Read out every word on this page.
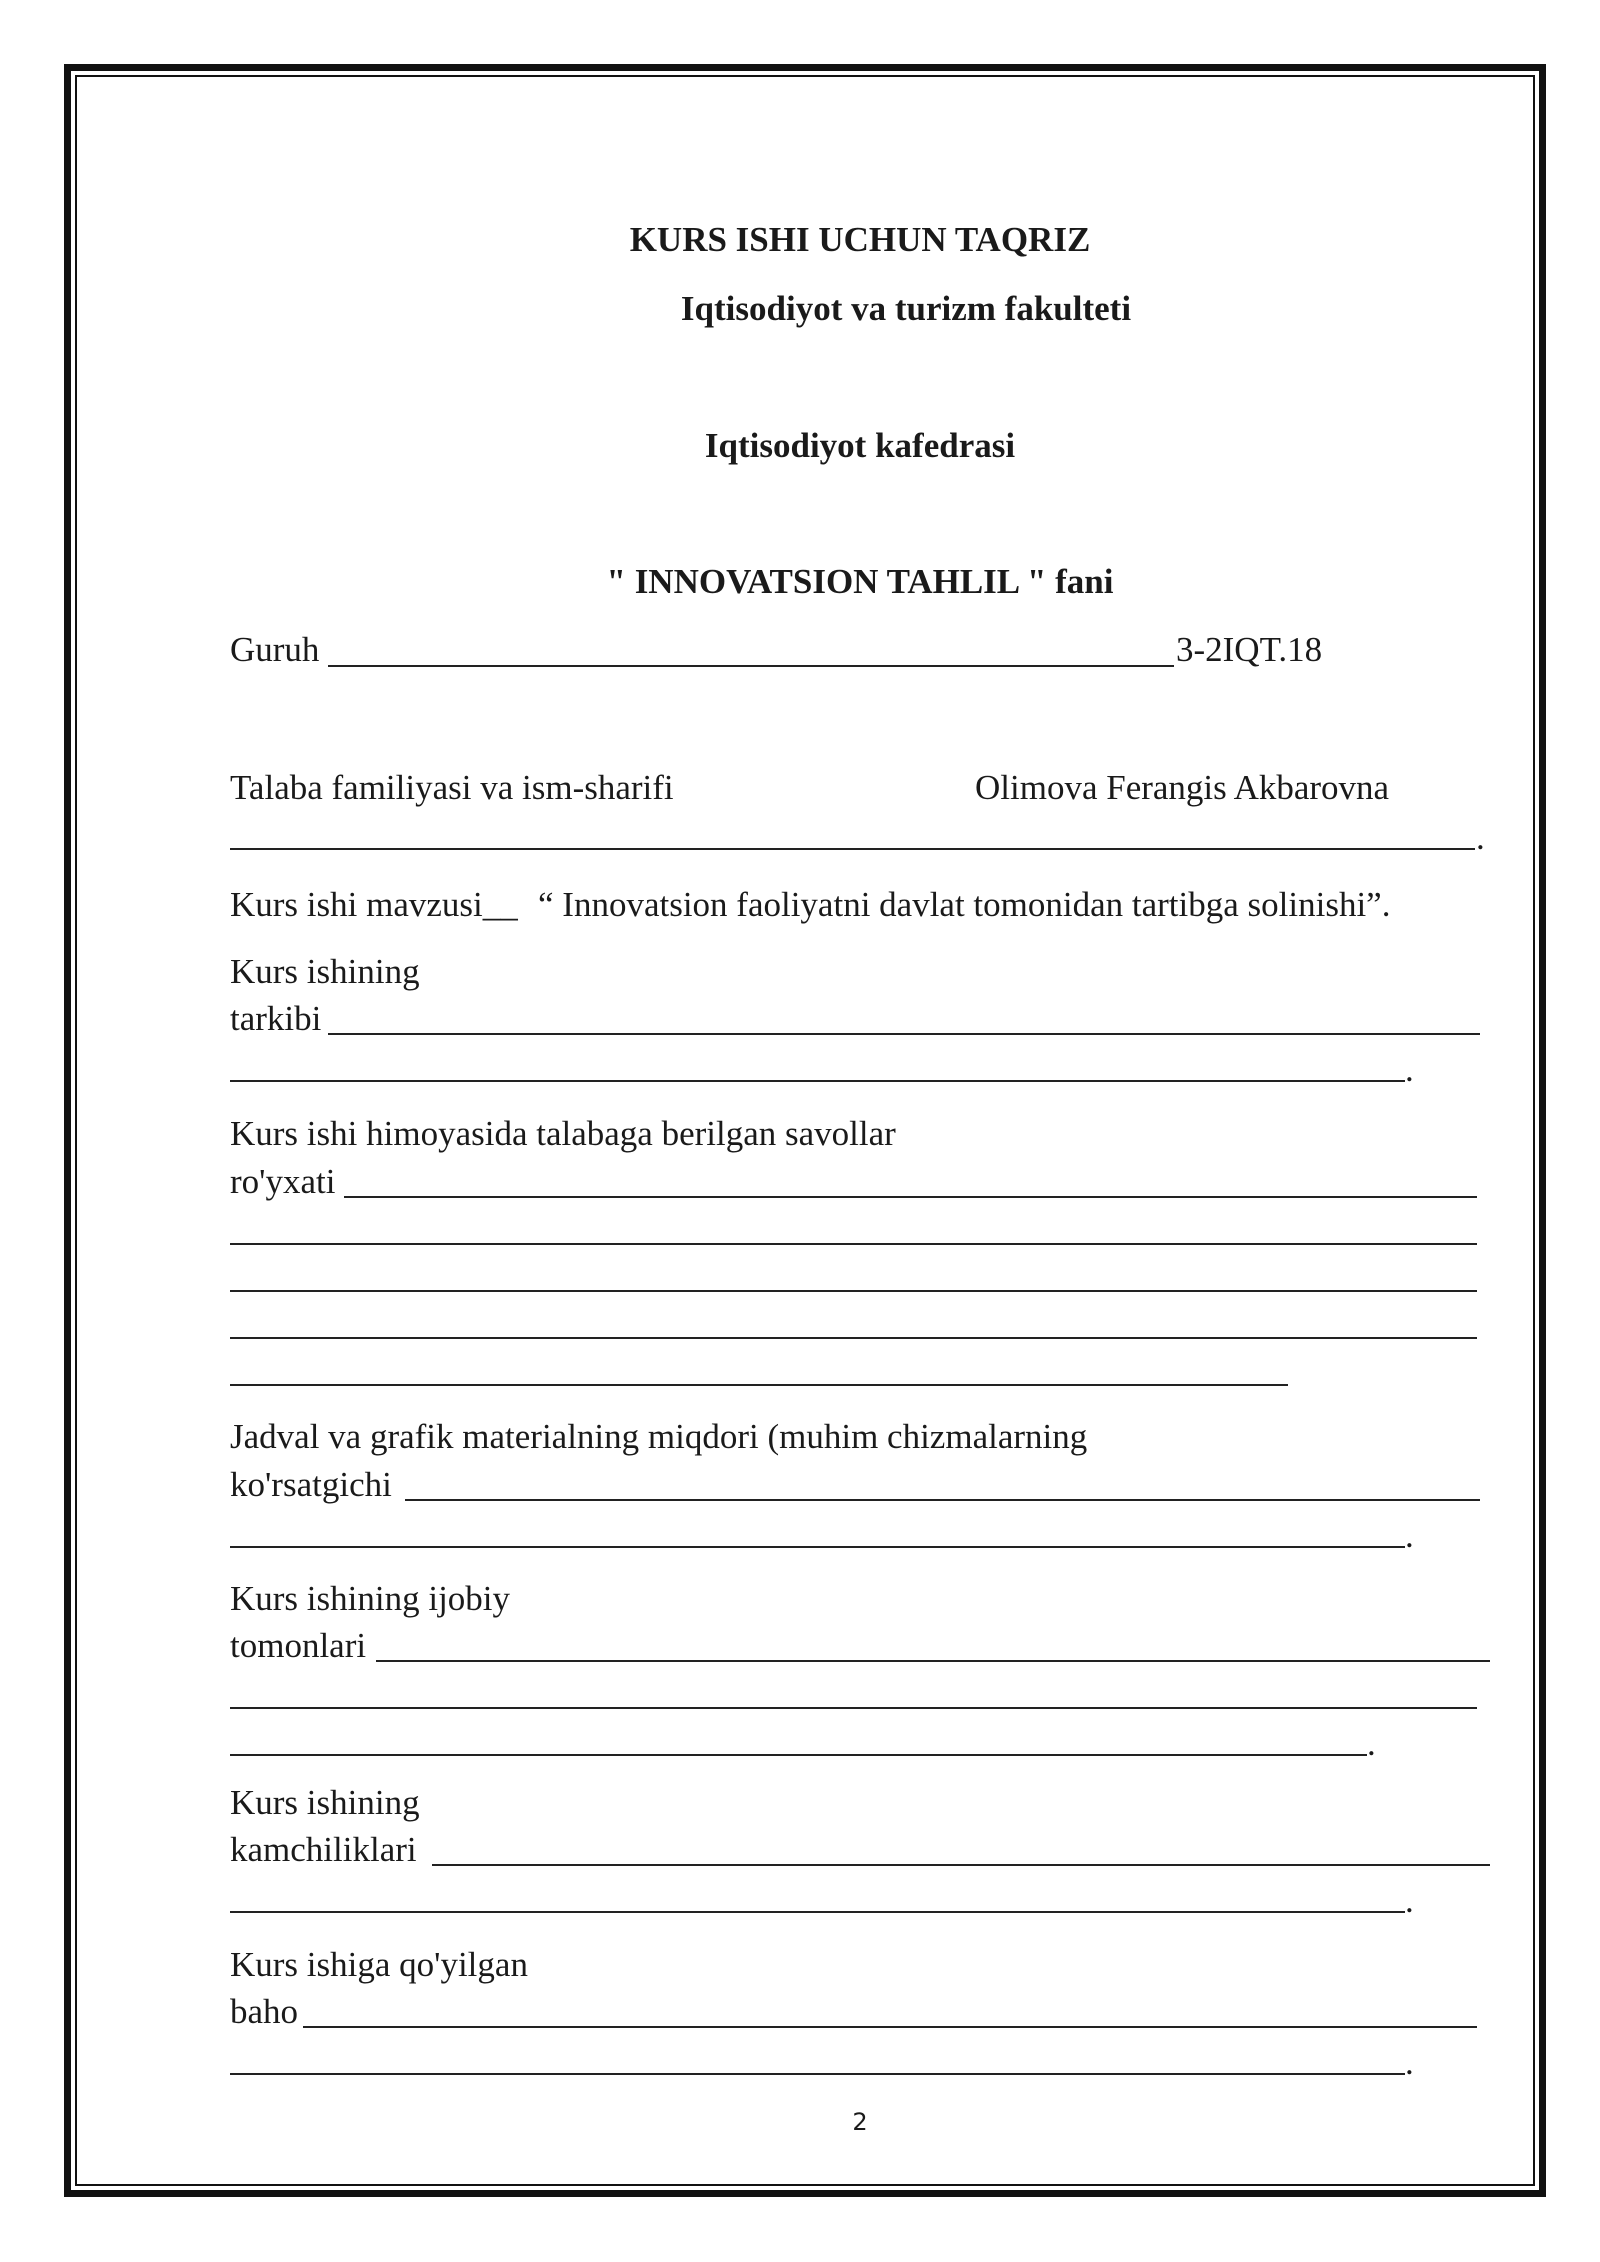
KURS ISHI UCHUN TAQRIZ
Iqtisodiyot va turizm fakulteti
Iqtisodiyot kafedrasi
" INNOVATSION TAHLIL " fani
Guruh	3-2IQT.18
Talaba familiyasi va ism-sharifi	Olimova Ferangis Akbarovna
.
Kurs ishi mavzusi__ “ Innovatsion faoliyatni davlat tomonidan tartibga solinishi”.
Kurs ishining
tarkibi
.
Kurs ishi himoyasida talabaga berilgan savollar
ro'yxati
Jadval va grafik materialning miqdori (muhim chizmalarning
ko'rsatgichi
.
Kurs ishining ijobiy
tomonlari
.
Kurs ishining
kamchiliklari
.
Kurs ishiga qo'yilgan
baho
.
2
